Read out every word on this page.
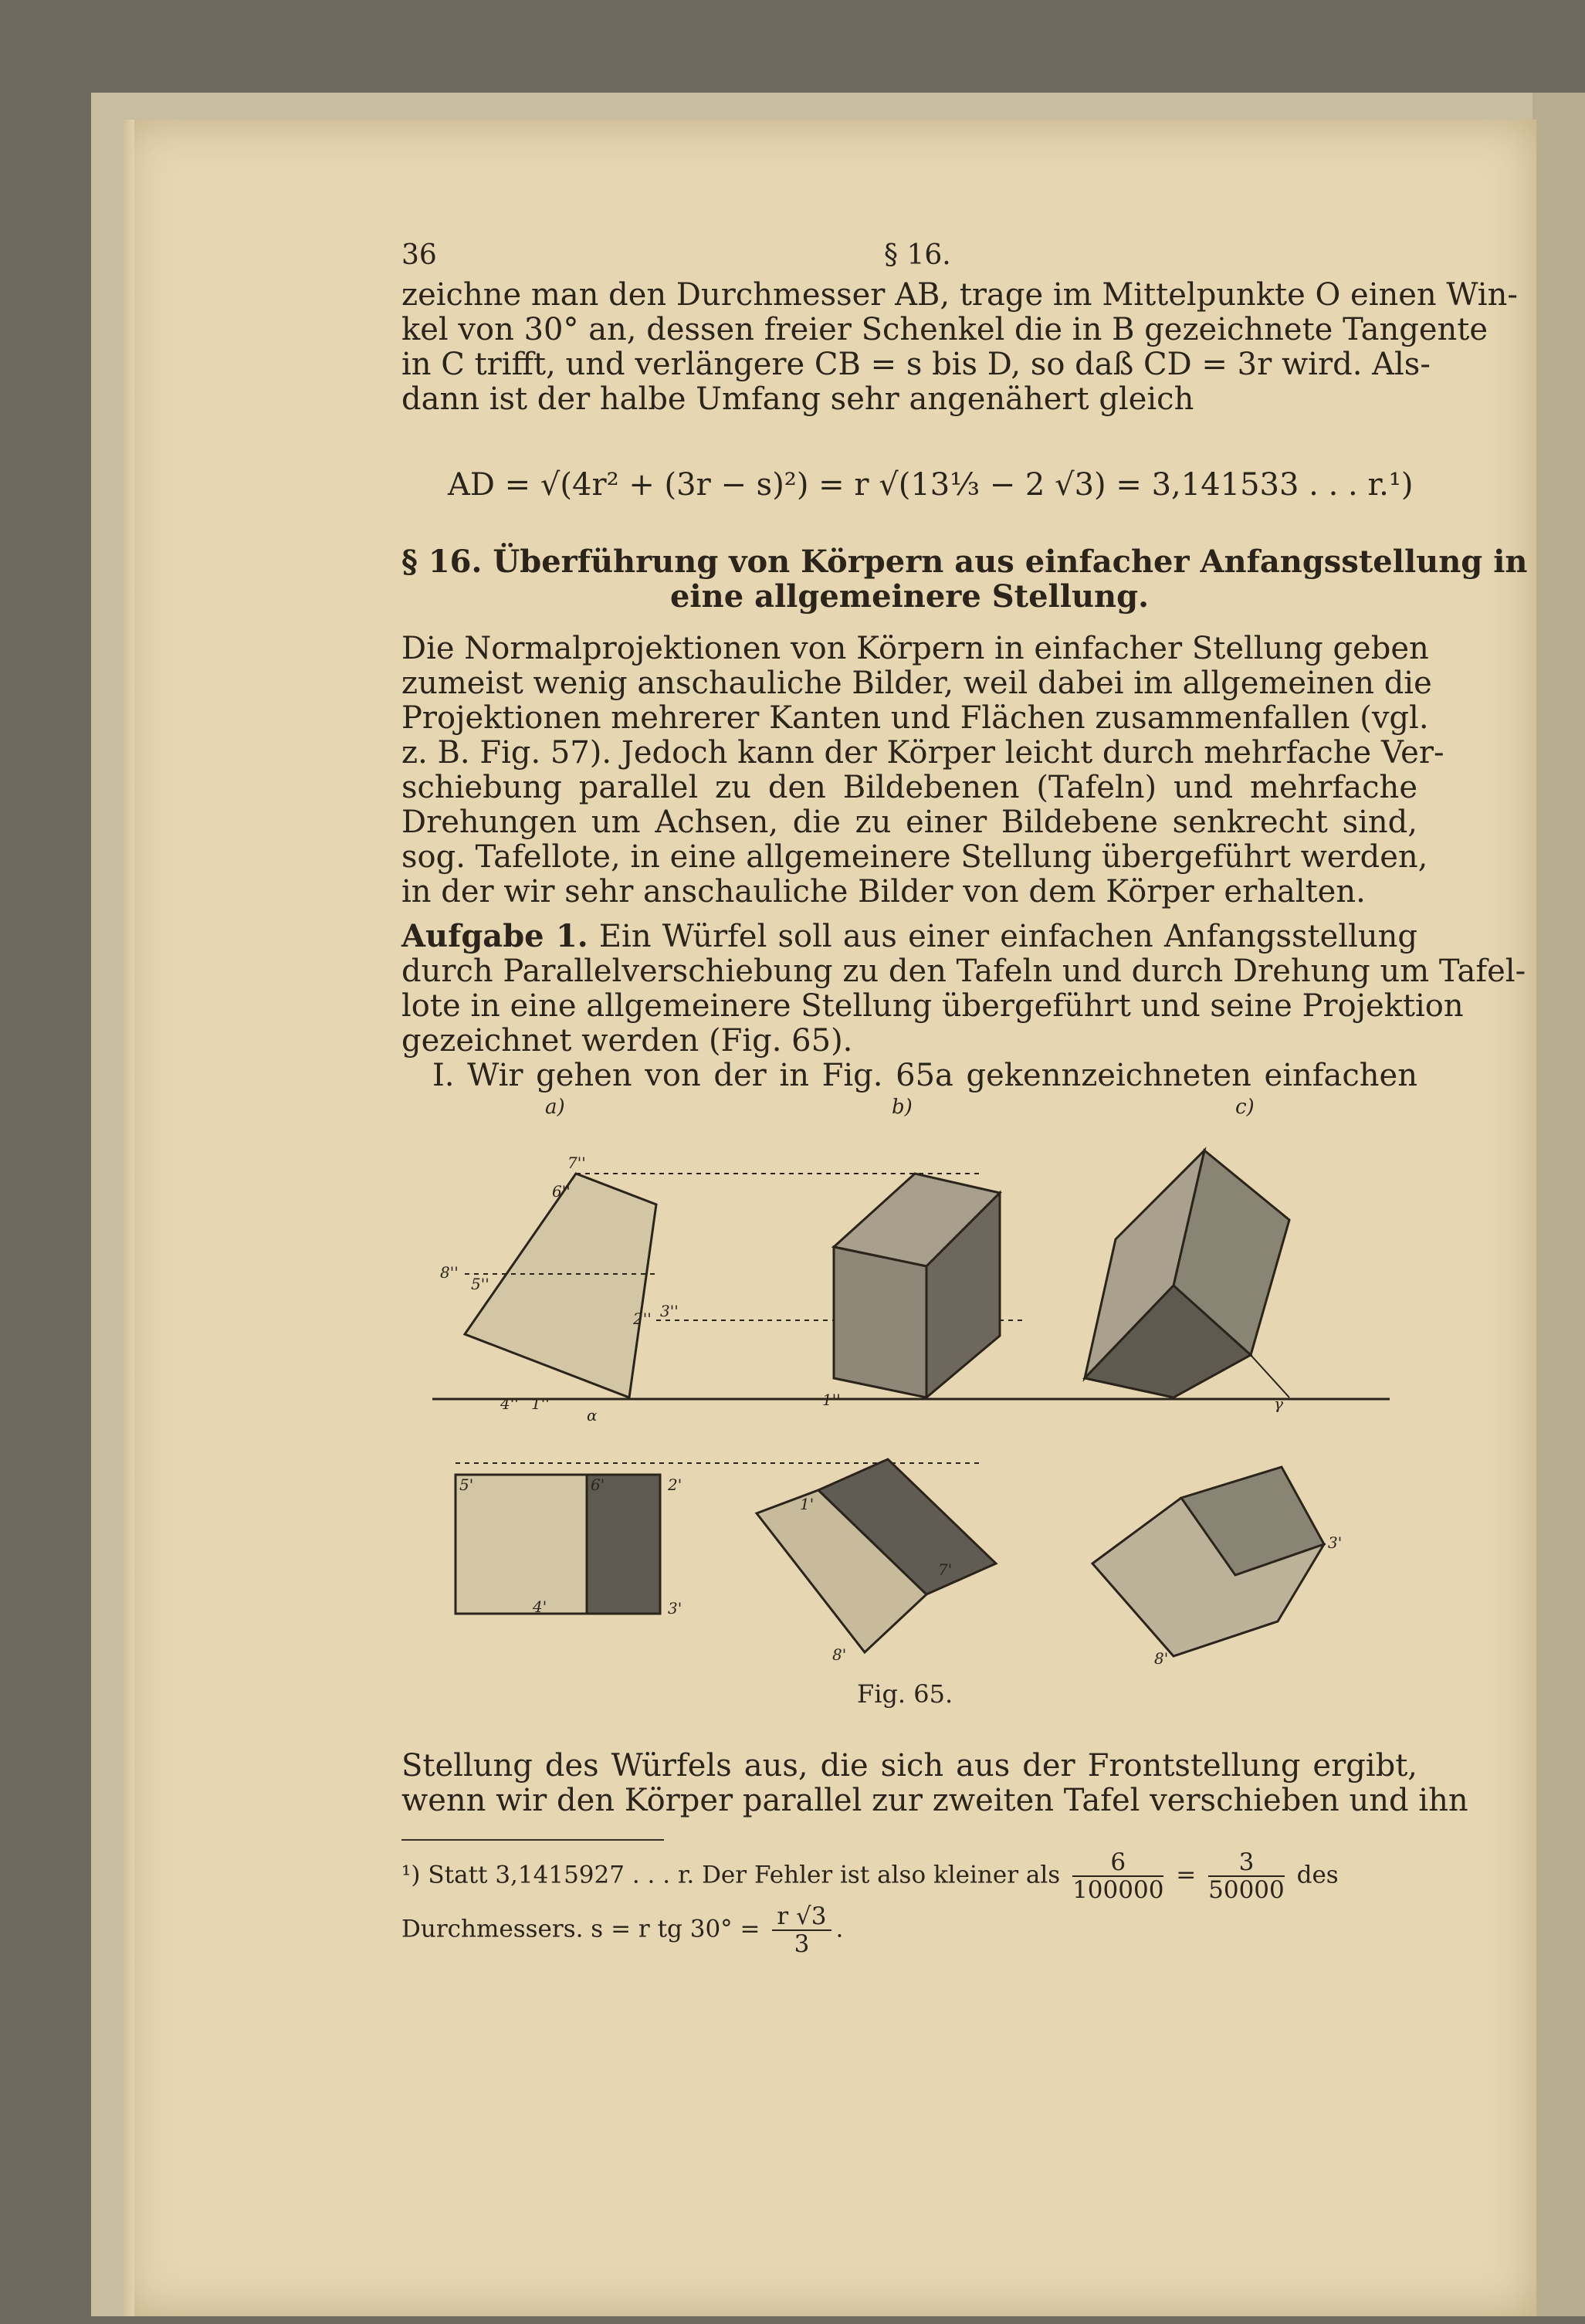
36	§ 16.
zeichne man den Durchmesser AB, trage im Mittelpunkte O einen Win-
kel von 30° an, dessen freier Schenkel die in B gezeichnete Tangente
in C trifft, und verlängere CB = s bis D, so daß CD = 3r wird. Als-
dann ist der halbe Umfang sehr angenähert gleich
AD = √(4r² + (3r − s)²) = r √(13⅓ − 2 √3) = 3,141533 . . . r.¹)
§ 16. Überführung von Körpern aus einfacher Anfangsstellung in
eine allgemeinere Stellung.
Die Normalprojektionen von Körpern in einfacher Stellung geben
zumeist wenig anschauliche Bilder, weil dabei im allgemeinen die
Projektionen mehrerer Kanten und Flächen zusammenfallen (vgl.
z. B. Fig. 57). Jedoch kann der Körper leicht durch mehrfache Ver-
schiebung parallel zu den Bildebenen (Tafeln) und mehrfache
Drehungen um Achsen, die zu einer Bildebene senkrecht sind,
sog. Tafellote, in eine allgemeinere Stellung übergeführt werden,
in der wir sehr anschauliche Bilder von dem Körper erhalten.
Aufgabe 1. Ein Würfel soll aus einer einfachen Anfangsstellung
durch Parallelverschiebung zu den Tafeln und durch Drehung um Tafel-
lote in eine allgemeinere Stellung übergeführt und seine Projektion
gezeichnet werden (Fig. 65).
I. Wir gehen von der in Fig. 65a gekennzeichneten einfachen
a)	b)	c)
7''
6''
8''
5''
2'' 3''
4'' 1''
α
γ
1''
1'
2'
3'
4'
5'	6'
7'
8'
3'
8'
Fig. 65.
Stellung des Würfels aus, die sich aus der Frontstellung ergibt,
wenn wir den Körper parallel zur zweiten Tafel verschieben und ihn
¹) Statt 3,1415927 . . . r. Der Fehler ist also kleiner als $\frac{6}{100000} = \frac{3}{50000}$ des
Durchmessers. s = r tg $30^\circ = \frac{r √3}{3}$ .
